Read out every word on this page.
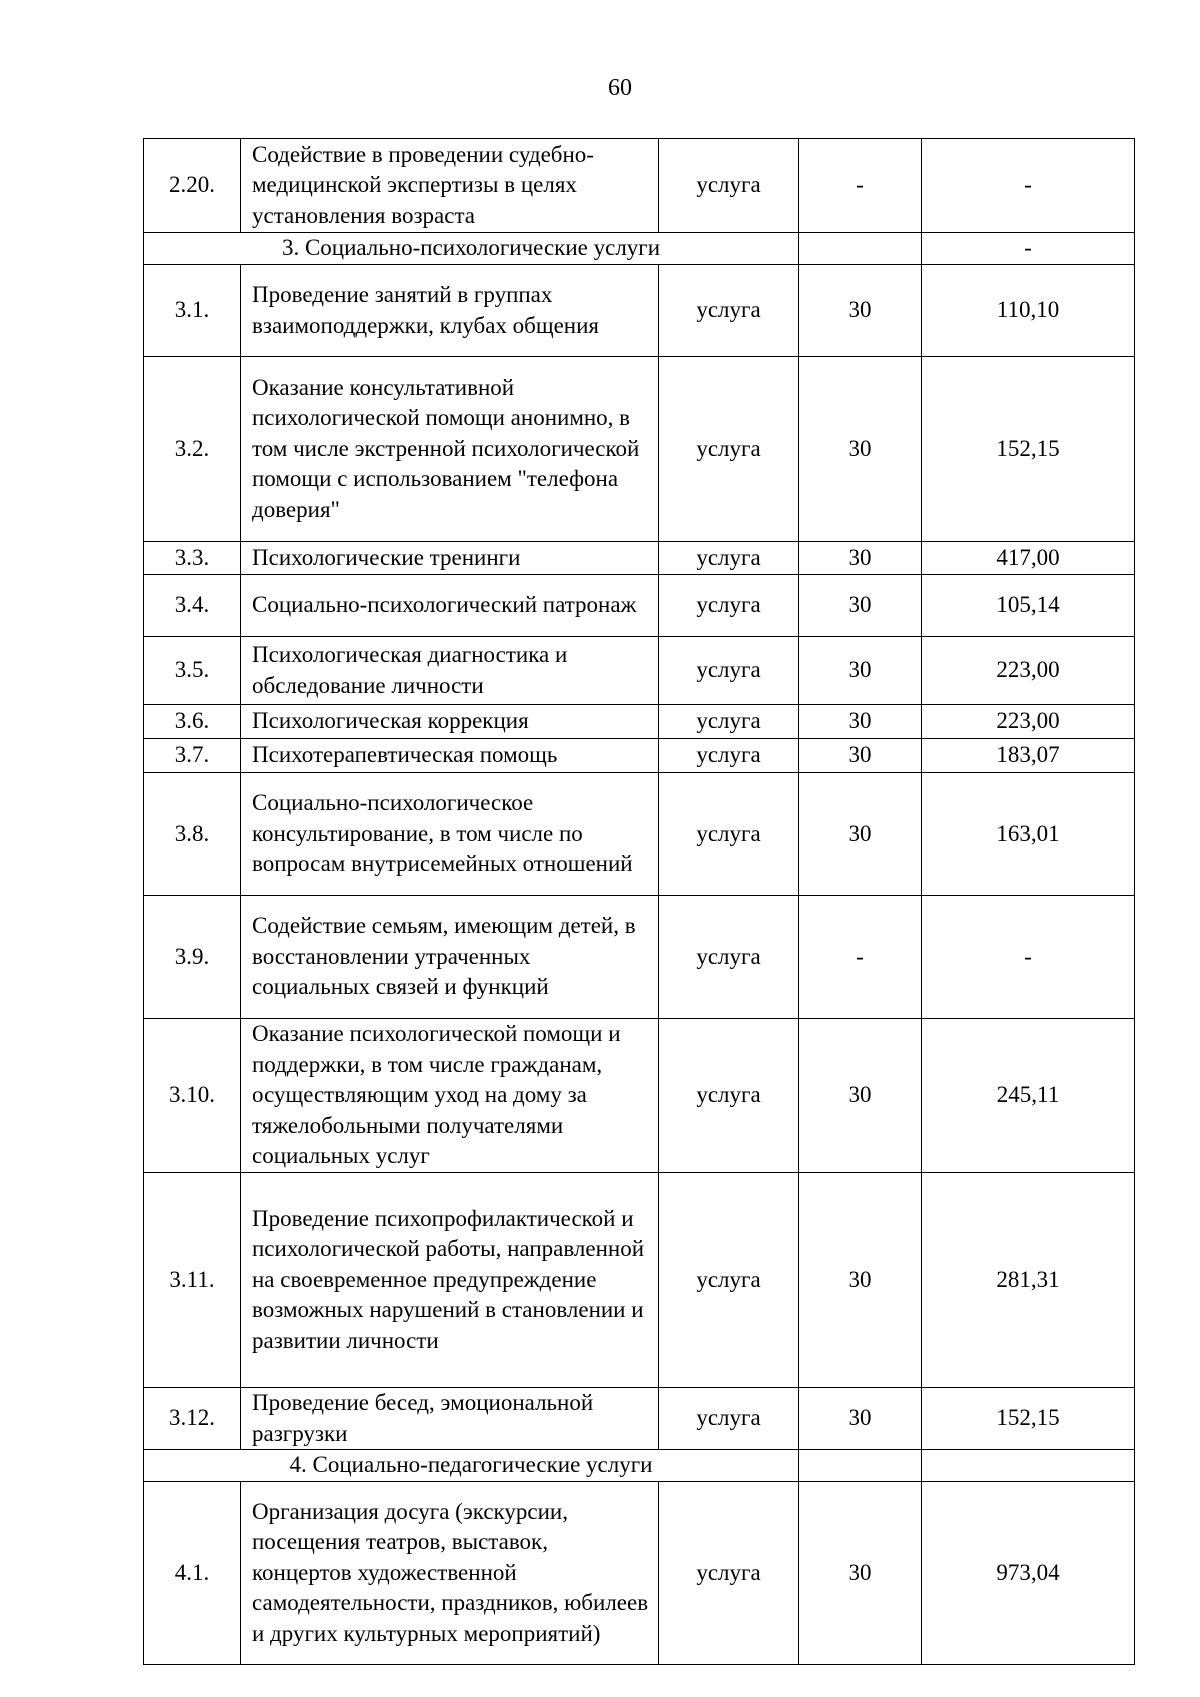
60
2.20.	Содействие в проведении судебно-медицинской экспертизы в целях установления возраста	услуга	-	-
3. Социально-психологические услуги				-
3.1.	Проведение занятий в группах взаимоподдержки, клубах общения	услуга	30	110,10
3.2.	Оказание консультативной психологической помощи анонимно, в том числе экстренной психологической помощи с использованием "телефона доверия"	услуга	30	152,15
3.3.	Психологические тренинги	услуга	30	417,00
3.4.	Социально-психологический патронаж	услуга	30	105,14
3.5.	Психологическая диагностика и обследование личности	услуга	30	223,00
3.6.	Психологическая коррекция	услуга	30	223,00
3.7.	Психотерапевтическая помощь	услуга	30	183,07
3.8.	Социально-психологическое консультирование, в том числе по вопросам внутрисемейных отношений	услуга	30	163,01
3.9.	Содействие семьям, имеющим детей, в восстановлении утраченных социальных связей и функций	услуга	-	-
3.10.	Оказание психологической помощи и поддержки, в том числе гражданам, осуществляющим уход на дому за тяжелобольными получателями социальных услуг	услуга	30	245,11
3.11.	Проведение психопрофилактической и психологической работы, направленной на своевременное предупреждение возможных нарушений в становлении и развитии личности	услуга	30	281,31
3.12.	Проведение бесед, эмоциональной разгрузки	услуга	30	152,15
4. Социально-педагогические услуги				
4.1.	Организация досуга (экскурсии, посещения театров, выставок, концертов художественной самодеятельности, праздников, юбилеев и других культурных мероприятий)	услуга	30	973,04
